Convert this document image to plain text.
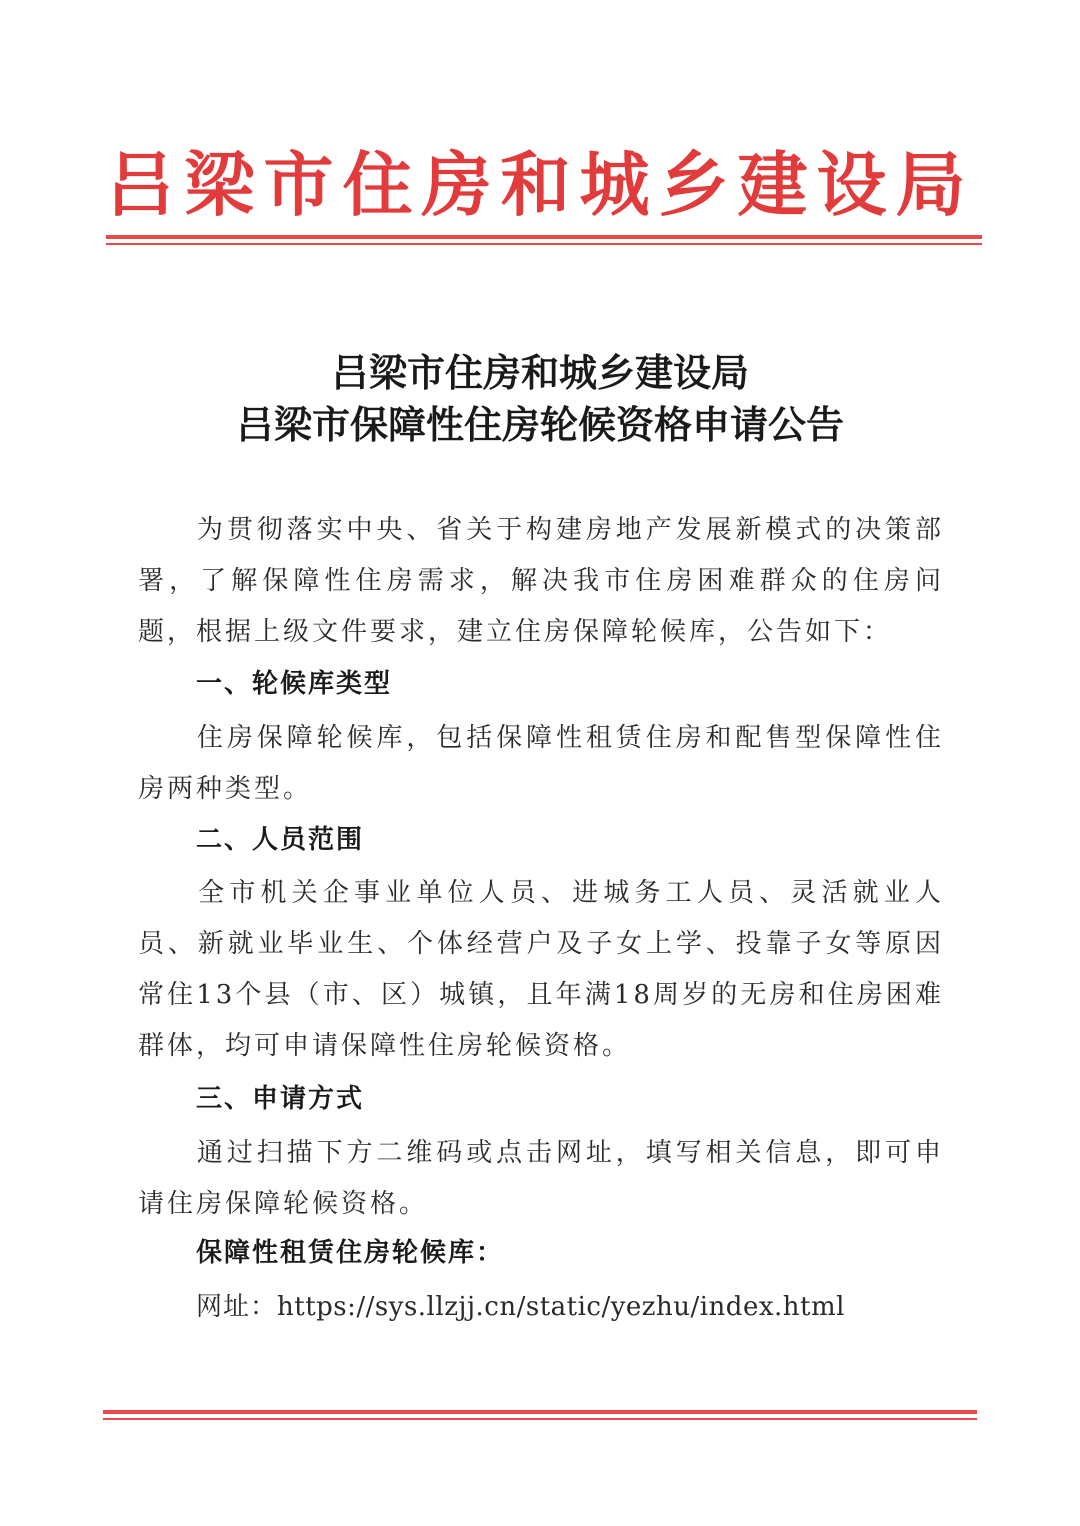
吕梁市住房和城乡建设局
吕梁市住房和城乡建设局
吕梁市保障性住房轮候资格申请公告
为贯彻落实中央、省关于构建房地产发展新模式的决策部署，了解保障性住房需求，解决我市住房困难群众的住房问题，根据上级文件要求，建立住房保障轮候库，公告如下：
一、轮候库类型
住房保障轮候库，包括保障性租赁住房和配售型保障性住房两种类型。
二、人员范围
全市机关企事业单位人员、进城务工人员、灵活就业人员、新就业毕业生、个体经营户及子女上学、投靠子女等原因常住13个县（市、区）城镇，且年满18周岁的无房和住房困难群体，均可申请保障性住房轮候资格。
三、申请方式
通过扫描下方二维码或点击网址，填写相关信息，即可申请住房保障轮候资格。
保障性租赁住房轮候库：
网址：https://sys.llzjj.cn/static/yezhu/index.html
